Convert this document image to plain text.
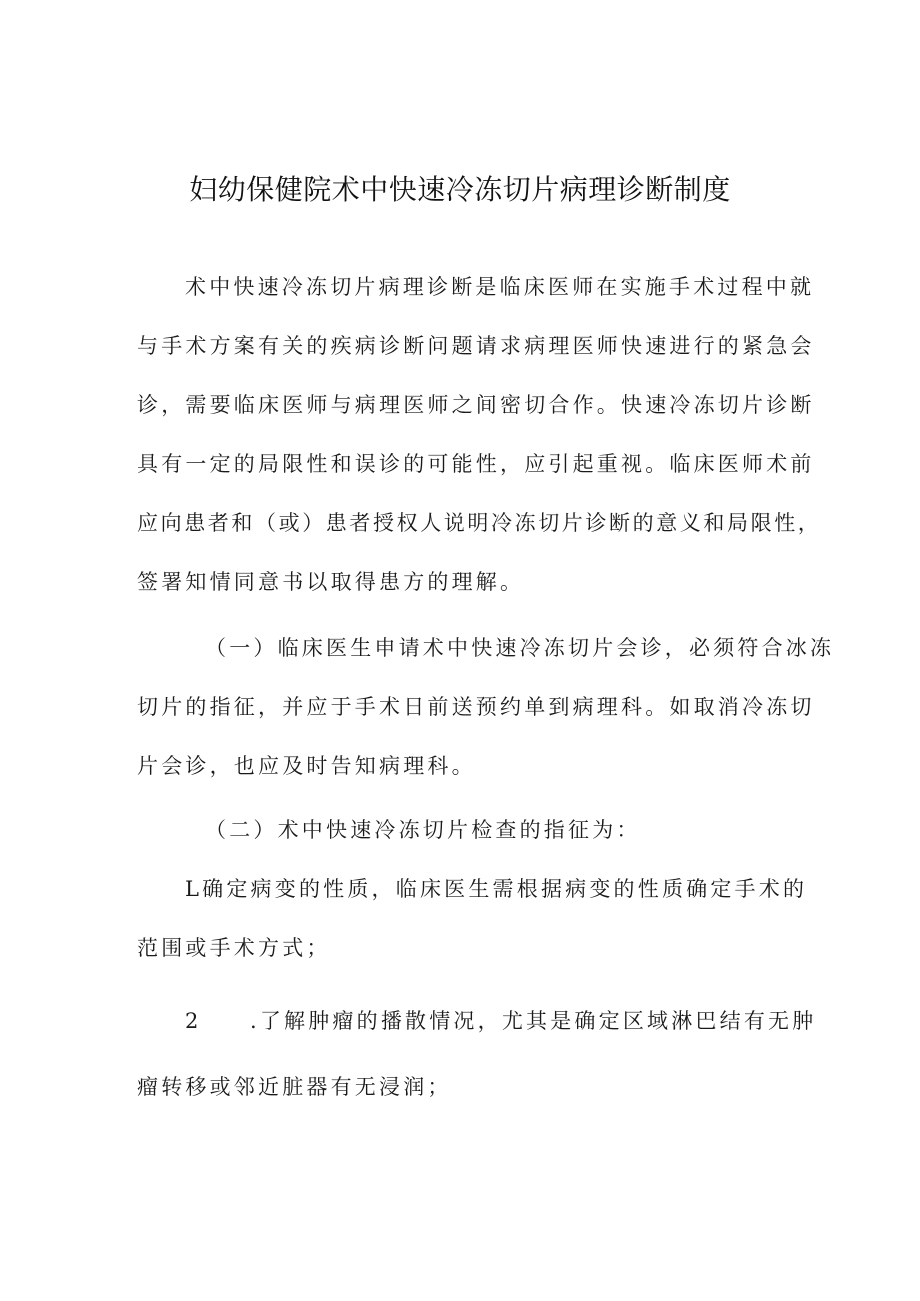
妇幼保健院术中快速冷冻切片病理诊断制度
术中快速冷冻切片病理诊断是临床医师在实施手术过程中就
与手术方案有关的疾病诊断问题请求病理医师快速进行的紧急会
诊，需要临床医师与病理医师之间密切合作。快速冷冻切片诊断
具有一定的局限性和误诊的可能性，应引起重视。临床医师术前
应向患者和（或）患者授权人说明冷冻切片诊断的意义和局限性，
签署知情同意书以取得患方的理解。
（一）临床医生申请术中快速冷冻切片会诊，必须符合冰冻
切片的指征，并应于手术日前送预约单到病理科。如取消冷冻切
片会诊，也应及时告知病理科。
（二）术中快速冷冻切片检查的指征为：
L确定病变的性质，临床医生需根据病变的性质确定手术的
范围或手术方式；
2　　.了解肿瘤的播散情况，尤其是确定区域淋巴结有无肿
瘤转移或邻近脏器有无浸润；
